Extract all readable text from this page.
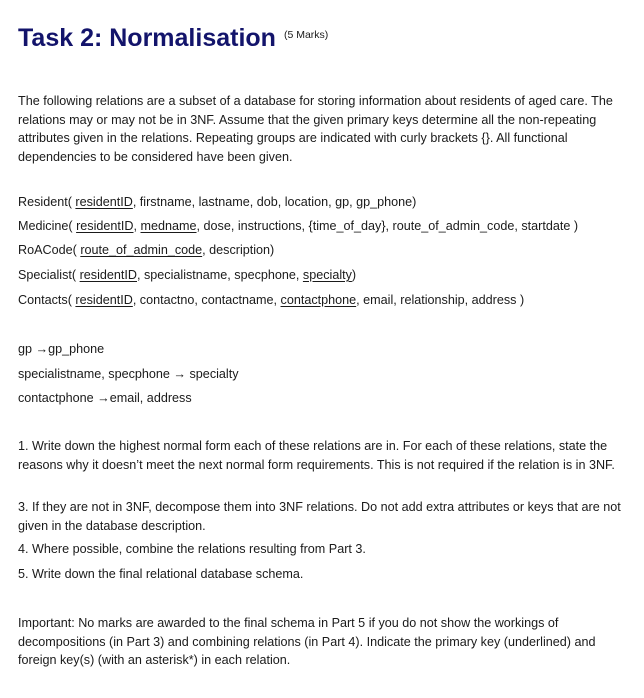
Task 2: Normalisation $^{(5 Marks)}$
The following relations are a subset of a database for storing information about residents of aged care. The relations may or may not be in 3NF. Assume that the given primary keys determine all the non-repeating attributes given in the relations. Repeating groups are indicated with curly brackets {}. All functional dependencies to be considered have been given.
Resident( residentID, firstname, lastname, dob, location, gp, gp_phone)
Medicine( residentID, medname, dose, instructions, {time_of_day}, route_of_admin_code, startdate )
RoACode( route_of_admin_code, description)
Specialist( residentID, specialistname, specphone, specialty)
Contacts( residentID, contactno, contactname, contactphone, email, relationship, address )
gp →gp_phone
specialistname, specphone → specialty
contactphone →email, address
1. Write down the highest normal form each of these relations are in. For each of these relations, state the reasons why it doesn’t meet the next normal form requirements. This is not required if the relation is in 3NF.
3. If they are not in 3NF, decompose them into 3NF relations. Do not add extra attributes or keys that are not given in the database description.
4. Where possible, combine the relations resulting from Part 3.
5. Write down the final relational database schema.
Important: No marks are awarded to the final schema in Part 5 if you do not show the workings of decompositions (in Part 3) and combining relations (in Part 4). Indicate the primary key (underlined) and foreign key(s) (with an asterisk*) in each relation.
